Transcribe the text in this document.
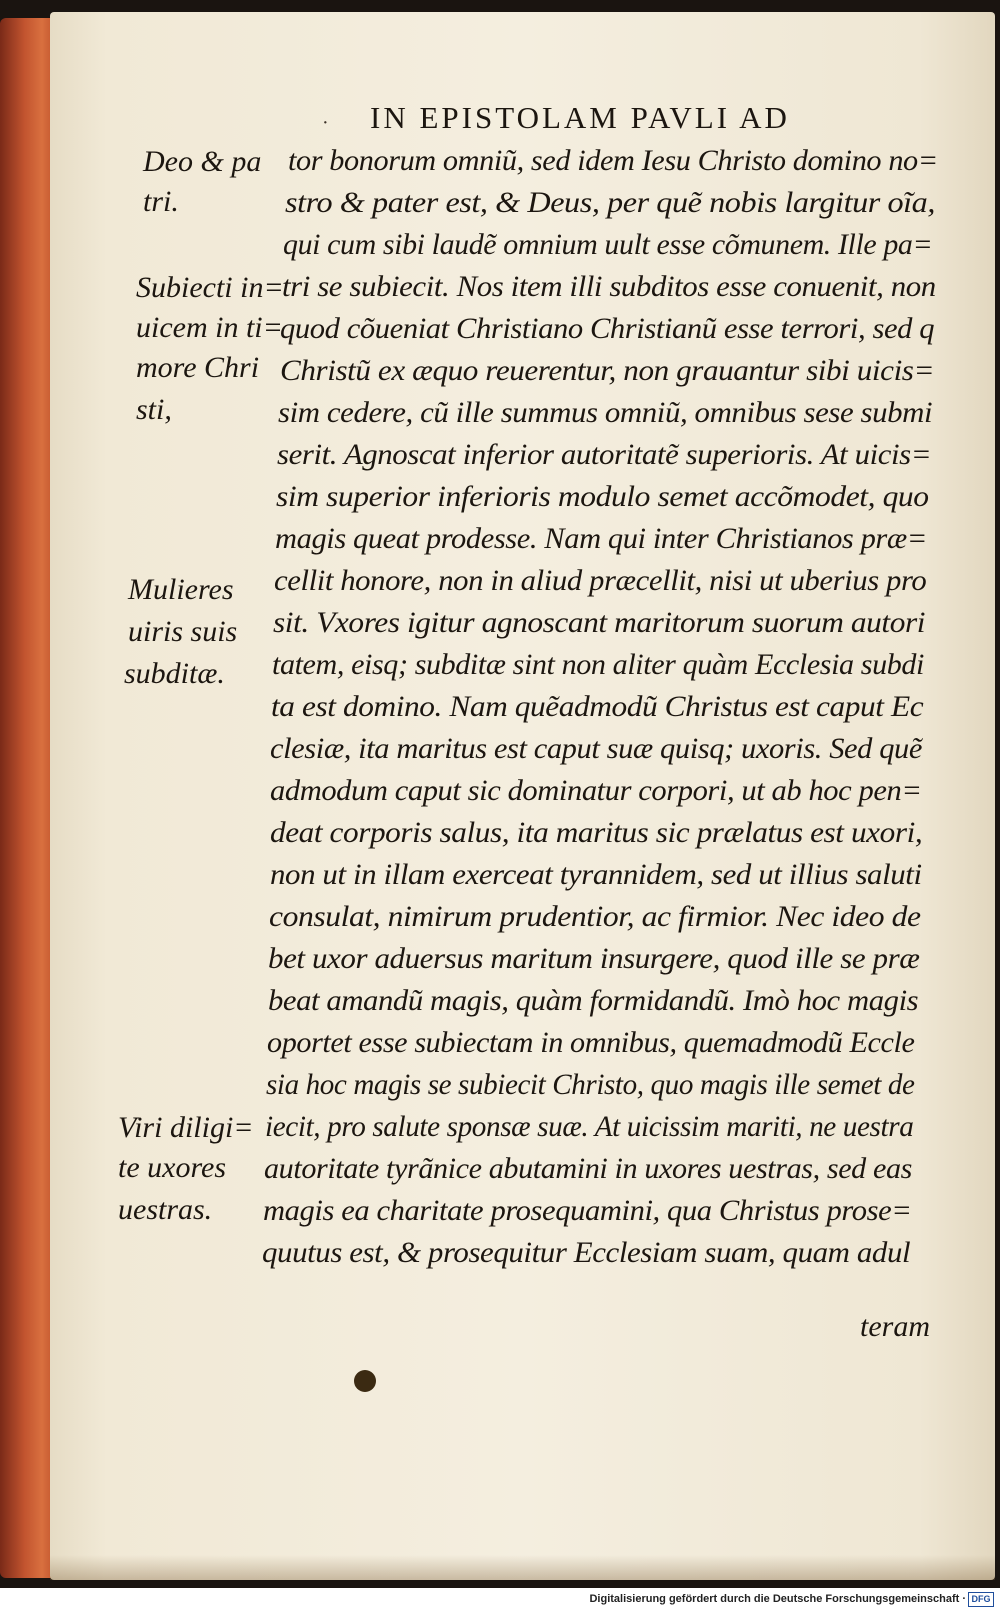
· IN EPISTOLAM PAVLI AD
Deo & pa
tri.
Subiecti in=
uicem in ti=
more Chri
sti,
Mulieres
uiris suis
subditæ.
Viri diligi=
te uxores
uestras.
tor bonorum omniũ, sed idem Iesu Christo domino no=
stro & pater est, & Deus, per quẽ nobis largitur oĩa,
qui cum sibi laudẽ omnium uult esse cõmunem. Ille pa=
tri se subiecit. Nos item illi subditos esse conuenit, non
quod cõueniat Christiano Christianũ esse terrori, sed q
Christũ ex æquo reuerentur, non grauantur sibi uicis=
sim cedere, cũ ille summus omniũ, omnibus sese submi
serit. Agnoscat inferior autoritatẽ superioris. At uicis=
sim superior inferioris modulo semet accõmodet, quo
magis queat prodesse. Nam qui inter Christianos præ=
cellit honore, non in aliud præcellit, nisi ut uberius pro
sit. Vxores igitur agnoscant maritorum suorum autori
tatem, eisq; subditæ sint non aliter quàm Ecclesia subdi
ta est domino. Nam quẽadmodũ Christus est caput Ec
clesiæ, ita maritus est caput suæ quisq; uxoris. Sed quẽ
admodum caput sic dominatur corpori, ut ab hoc pen=
deat corporis salus, ita maritus sic prælatus est uxori,
non ut in illam exerceat tyrannidem, sed ut illius saluti
consulat, nimirum prudentior, ac firmior. Nec ideo de
bet uxor aduersus maritum insurgere, quod ille se præ
beat amandũ magis, quàm formidandũ. Imò hoc magis
oportet esse subiectam in omnibus, quemadmodũ Eccle
sia hoc magis se subiecit Christo, quo magis ille semet de
iecit, pro salute sponsæ suæ. At uicissim mariti, ne uestra
autoritate tyrãnice abutamini in uxores uestras, sed eas
magis ea charitate prosequamini, qua Christus prose=
quutus est, & prosequitur Ecclesiam suam, quam adul
teram
Digitalisierung gefördert durch die Deutsche Forschungsgemeinschaft · DFG
